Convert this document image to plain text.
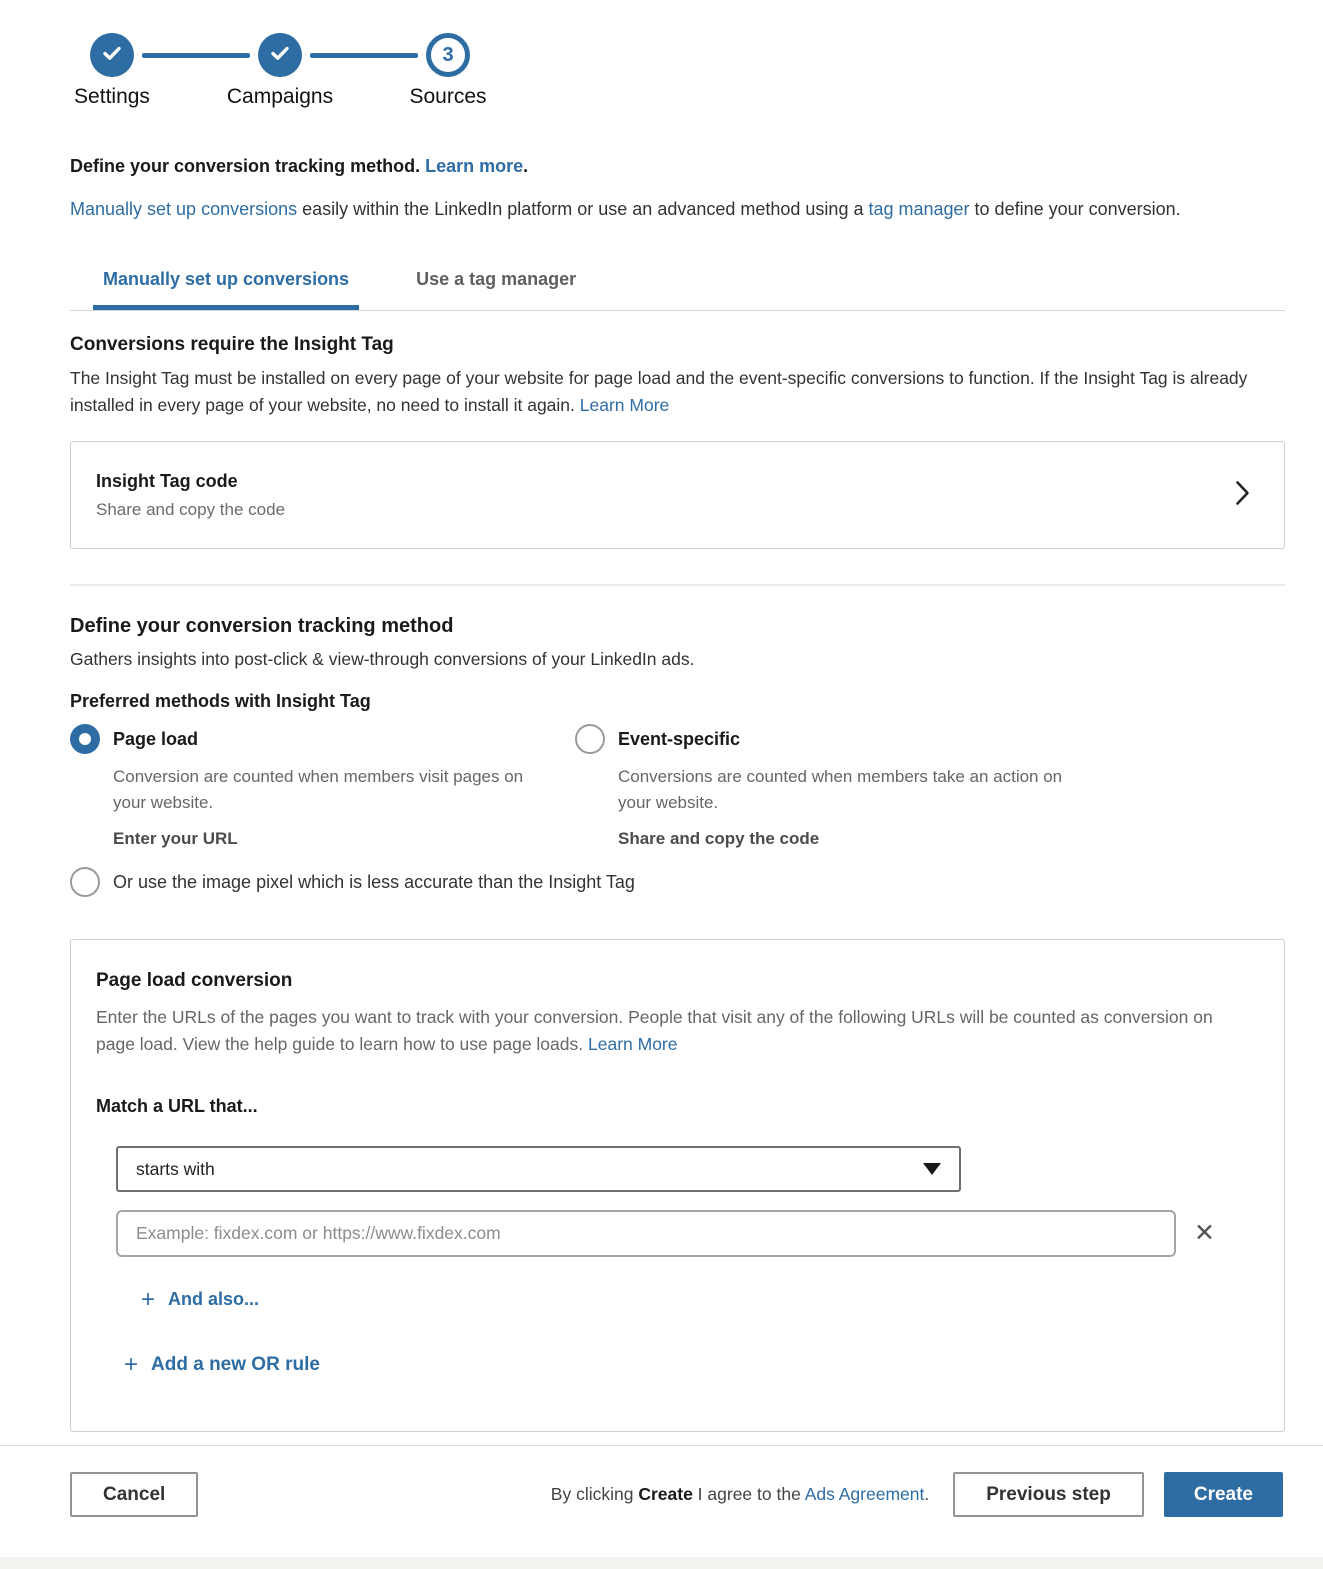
3
Settings	Campaigns	Sources
Define your conversion tracking method. Learn more.
Manually set up conversions easily within the LinkedIn platform or use an advanced method using a tag manager to define your conversion.
Manually set up conversions	Use a tag manager
Conversions require the Insight Tag
The Insight Tag must be installed on every page of your website for page load and the event-specific conversions to function. If the Insight Tag is already installed in every page of your website, no need to install it again. Learn More
Insight Tag code
Share and copy the code
Define your conversion tracking method
Gathers insights into post-click & view-through conversions of your LinkedIn ads.
Preferred methods with Insight Tag
Page load
Conversion are counted when members visit pages on your website.
Enter your URL
Event-specific
Conversions are counted when members take an action on your website.
Share and copy the code
Or use the image pixel which is less accurate than the Insight Tag
Page load conversion
Enter the URLs of the pages you want to track with your conversion. People that visit any of the following URLs will be counted as conversion on page load. View the help guide to learn how to use page loads. Learn More
Match a URL that...
starts with
Example: fixdex.com or https://www.fixdex.com
✕
+ And also...
+ Add a new OR rule
Cancel	By clicking Create I agree to the Ads Agreement.	Previous step	Create
